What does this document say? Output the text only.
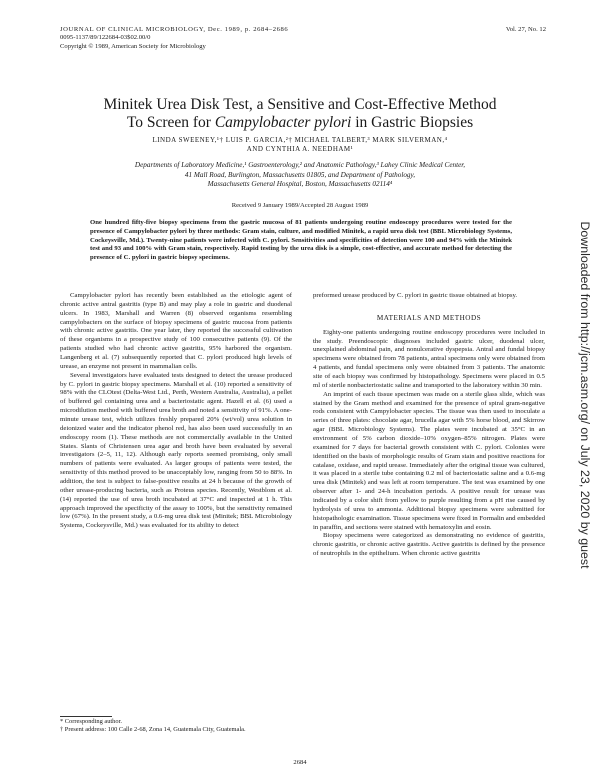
JOURNAL OF CLINICAL MICROBIOLOGY, Dec. 1989, p. 2684–2686
0095-1137/89/122684-03$02.00/0
Copyright © 1989, American Society for Microbiology
Vol. 27, No. 12
Minitek Urea Disk Test, a Sensitive and Cost-Effective Method
To Screen for Campylobacter pylori in Gastric Biopsies
LINDA SWEENEY,¹† LUIS P. GARCIA,²† MICHAEL TALBERT,³ MARK SILVERMAN,⁴
AND CYNTHIA A. NEEDHAM¹
Departments of Laboratory Medicine,¹ Gastroenterology,² and Anatomic Pathology,³ Lahey Clinic Medical Center,
41 Mall Road, Burlington, Massachusetts 01805, and Department of Pathology,
Massachusetts General Hospital, Boston, Massachusetts 02114⁴
Received 9 January 1989/Accepted 28 August 1989
One hundred fifty-five biopsy specimens from the gastric mucosa of 81 patients undergoing routine endoscopy procedures were tested for the presence of Campylobacter pylori by three methods: Gram stain, culture, and modified Minitek, a rapid urea disk test (BBL Microbiology Systems, Cockeysville, Md.). Twenty-nine patients were infected with C. pylori. Sensitivities and specificities of detection were 100 and 94% with the Minitek test and 93 and 100% with Gram stain, respectively. Rapid testing by the urea disk is a simple, cost-effective, and accurate method for detecting the presence of C. pylori in gastric biopsy specimens.

Campylobacter pylori has recently been established as the etiologic agent of chronic active antral gastritis (type B) and may play a role in gastric and duodenal ulcers. In 1983, Marshall and Warren (8) observed organisms resembling campylobacters on the surface of biopsy specimens of gastric mucosa from patients with chronic active gastritis. One year later, they reported the successful cultivation of these organisms in a prospective study of 100 consecutive patients (9). Of the patients studied who had chronic active gastritis, 95% harbored the organism. Langenberg et al. (7) subsequently reported that C. pylori produced high levels of urease, an enzyme not present in mammalian cells.

Several investigators have evaluated tests designed to detect the urease produced by C. pylori in gastric biopsy specimens. Marshall et al. (10) reported a sensitivity of 98% with the CLOtest (Delta-West Ltd., Perth, Western Australia, Australia), a pellet of buffered gel containing urea and a bacteriostatic agent. Hazell et al. (6) used a microdilution method with buffered urea broth and noted a sensitivity of 91%. A one-minute urease test, which utilizes freshly prepared 20% (wt/vol) urea solution in deionized water and the indicator phenol red, has also been used successfully in an endoscopy room (1). These methods are not commercially available in the United States. Slants of Christensen urea agar and broth have been evaluated by several investigators (2–5, 11, 12). Although early reports seemed promising, only small numbers of patients were evaluated. As larger groups of patients were tested, the sensitivity of this method proved to be unacceptably low, ranging from 50 to 88%. In addition, the test is subject to false-positive results at 24 h because of the growth of other urease-producing bacteria, such as Proteus species. Recently, Westblom et al. (14) reported the use of urea broth incubated at 37°C and inspected at 1 h. This approach improved the specificity of the assay to 100%, but the sensitivity remained low (67%). In the present study, a 0.6-mg urea disk test (Minitek; BBL Microbiology Systems, Cockeysville, Md.) was evaluated for its ability to detect

preformed urease produced by C. pylori in gastric tissue obtained at biopsy.

MATERIALS AND METHODS

Eighty-one patients undergoing routine endoscopy procedures were included in the study. Preendoscopic diagnoses included gastric ulcer, duodenal ulcer, unexplained abdominal pain, and nonulcerative dyspepsia. Antral and fundal biopsy specimens were obtained from 78 patients, antral specimens only were obtained from 4 patients, and fundal specimens only were obtained from 3 patients. The anatomic site of each biopsy was confirmed by histopathology. Specimens were placed in 0.5 ml of sterile nonbacteriostatic saline and transported to the laboratory within 30 min.

An imprint of each tissue specimen was made on a sterile glass slide, which was stained by the Gram method and examined for the presence of spiral gram-negative rods consistent with Campylobacter species. The tissue was then used to inoculate a series of three plates: chocolate agar, brucella agar with 5% horse blood, and Skirrow agar (BBL Microbiology Systems). The plates were incubated at 35°C in an environment of 5% carbon dioxide–10% oxygen–85% nitrogen. Plates were examined for 7 days for bacterial growth consistent with C. pylori. Colonies were identified on the basis of morphologic results of Gram stain and positive reactions for catalase, oxidase, and rapid urease. Immediately after the original tissue was cultured, it was placed in a sterile tube containing 0.2 ml of bacteriostatic saline and a 0.6-mg urea disk (Minitek) and was left at room temperature. The test was examined by one observer after 1- and 24-h incubation periods. A positive result for urease was indicated by a color shift from yellow to purple resulting from a pH rise caused by hydrolysis of urea to ammonia. Additional biopsy specimens were submitted for histopathologic examination. Tissue specimens were fixed in Formalin and embedded in paraffin, and sections were stained with hematoxylin and eosin.

Biopsy specimens were categorized as demonstrating no evidence of gastritis, chronic gastritis, or chronic active gastritis. Active gastritis is defined by the presence of neutrophils in the epithelium. When chronic active gastritis

* Corresponding author.
† Present address: 100 Calle 2-68, Zona 14, Guatemala City, Guatemala.
2684
Downloaded from http://jcm.asm.org/ on July 23, 2020 by guest
